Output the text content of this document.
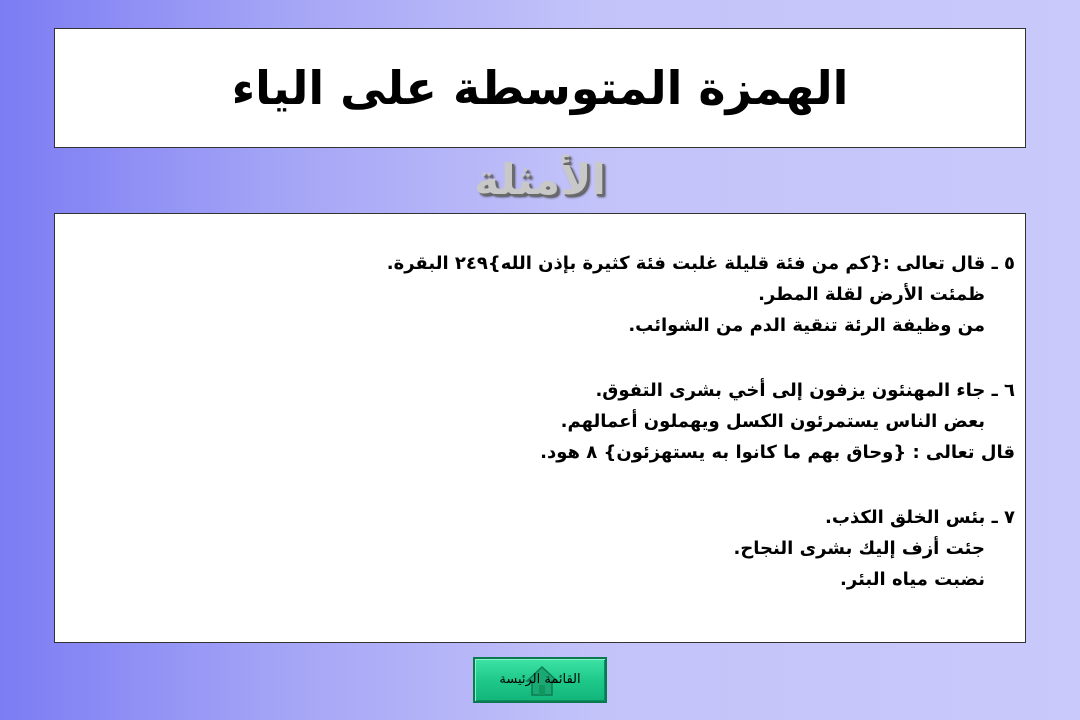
الهمزة المتوسطة على الياء
الأمثلة
٥ ـ قال تعالى :{كم من فئة قليلة غلبت فئة كثيرة بإذن الله}٢٤٩ البقرة.
ظمئت الأرض لقلة المطر.
من وظيفة الرئة تنقية الدم من الشوائب.
٦ ـ جاء المهنئون يزفون إلى أخي بشرى التفوق.
بعض الناس يستمرئون الكسل ويهملون أعمالهم.
قال تعالى : {وحاق بهم ما كانوا به يستهزئون} ٨ هود.
٧ ـ بئس الخلق الكذب.
جئت أزف إليك بشرى النجاح.
نضبت مياه البئر.
القائمة الرئيسة
